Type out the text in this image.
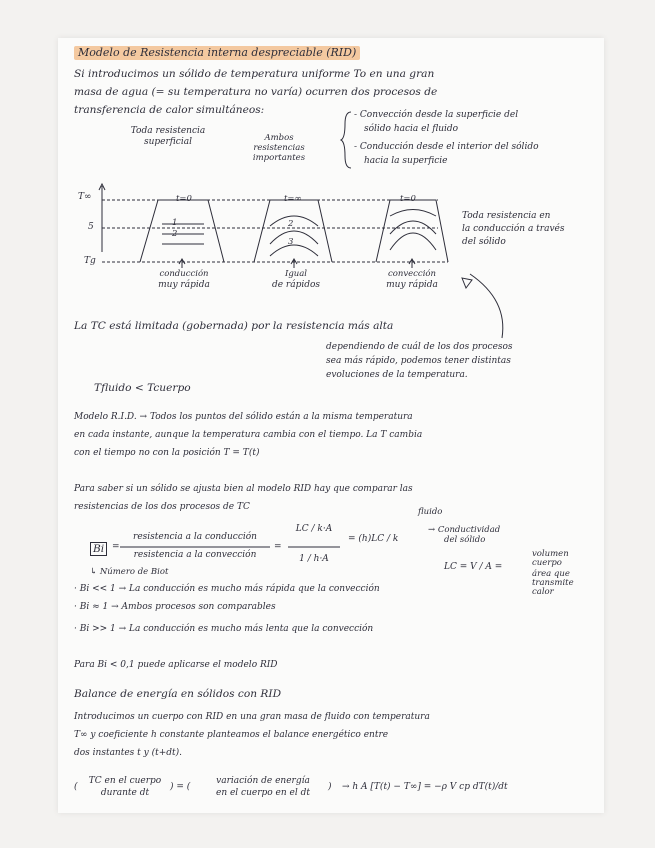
Modelo de Resistencia interna despreciable (RID)
Si introducimos un sólido de temperatura uniforme To en una gran
masa de agua (= su temperatura no varía) ocurren dos procesos de
transferencia de calor simultáneos:	- Convección desde la superficie del
sólido hacia el fluido
- Conducción desde el interior del sólido
hacia la superficie
Toda resistencia
superficial	Ambos
resistencias
importantes
T∞
5
Tg
t=0
1
2
t=∞
2
3
t=0
conducción
muy rápida
Igual
de rápidos
convección
muy rápida
Toda resistencia en
la conducción a través
del sólido
La TC está limitada (gobernada) por la resistencia más alta
dependiendo de cuál de los dos procesos
sea más rápido, podemos tener distintas
evoluciones de la temperatura.
Tfluido < Tcuerpo
Modelo R.I.D. → Todos los puntos del sólido están a la misma temperatura
en cada instante, aunque la temperatura cambia con el tiempo. La T cambia
con el tiempo no con la posición T = T(t)
Para saber si un sólido se ajusta bien al modelo RID hay que comparar las
resistencias de los dos procesos de TC
Bi =
resistencia a la conducción
resistencia a la convección
=
LC / k·A
1 / h·A
= (h)LC / k
fluido
→ Conductividad
del sólido
↳ Número de Biot	LC = V / A =
volumen
cuerpo
área que
transmite
calor
· Bi << 1 → La conducción es mucho más rápida que la convección
· Bi ≈ 1 → Ambos procesos son comparables
· Bi >> 1 → La conducción es mucho más lenta que la convección
Para Bi < 0,1 puede aplicarse el modelo RID
Balance de energía en sólidos con RID
Introducimos un cuerpo con RID en una gran masa de fluido con temperatura
T∞ y coeficiente h constante planteamos el balance energético entre
dos instantes t y (t+dt).
(
TC en el cuerpo
durante dt
) = (
variación de energía
en el cuerpo en el dt
) → h A [T(t) − T∞] = −ρ V cp dT(t)/dt
